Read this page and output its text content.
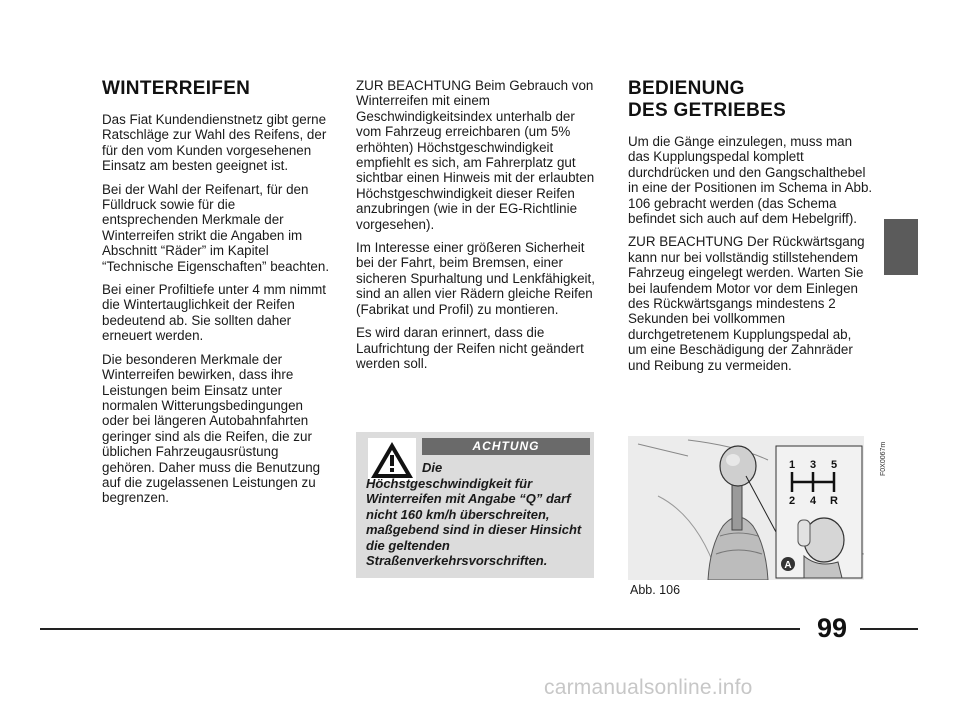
WINTERREIFEN

Das Fiat Kundendienstnetz gibt gerne Ratschläge zur Wahl des Reifens, der für den vom Kunden vorgesehenen Einsatz am besten geeignet ist.

Bei der Wahl der Reifenart, für den Fülldruck sowie für die entsprechenden Merkmale der Winterreifen strikt die Angaben im Abschnitt “Räder” im Kapitel “Technische Eigenschaften” beachten.

Bei einer Profiltiefe unter 4 mm nimmt die Wintertauglichkeit der Reifen bedeutend ab. Sie sollten daher erneuert werden.

Die besonderen Merkmale der Winterreifen bewirken, dass ihre Leistungen beim Einsatz unter normalen Witterungsbedingungen oder bei längeren Autobahnfahrten geringer sind als die Reifen, die zur üblichen Fahrzeugausrüstung gehören. Daher muss die Benutzung auf die zugelassenen Leistungen zu begrenzen.

ZUR BEACHTUNG Beim Gebrauch von Winterreifen mit einem Geschwindigkeitsindex unterhalb der vom Fahrzeug erreichbaren (um 5% erhöhten) Höchstgeschwindigkeit empfiehlt es sich, am Fahrerplatz gut sichtbar einen Hinweis mit der erlaubten Höchstgeschwindigkeit dieser Reifen anzubringen (wie in der EG-Richtlinie vorgesehen).

Im Interesse einer größeren Sicherheit bei der Fahrt, beim Bremsen, einer sicheren Spurhaltung und Lenkfähigkeit, sind an allen vier Rädern gleiche Reifen (Fabrikat und Profil) zu montieren.

Es wird daran erinnert, dass die Laufrichtung der Reifen nicht geändert werden soll.

ACHTUNG
Die Höchstgeschwindigkeit für Winterreifen mit Angabe “Q” darf nicht 160 km/h überschreiten, maßgebend sind in dieser Hinsicht die geltenden Straßenverkehrsvorschriften.
BEDIENUNG
DES GETRIEBES

Um die Gänge einzulegen, muss man das Kupplungspedal komplett durchdrücken und den Gangschalthebel in eine der Positionen im Schema in Abb. 106 gebracht werden (das Schema befindet sich auch auf dem Hebelgriff).

ZUR BEACHTUNG Der Rückwärtsgang kann nur bei vollständig stillstehendem Fahrzeug eingelegt werden. Warten Sie bei laufendem Motor vor dem Einlegen des Rückwärtsgangs mindestens 2 Sekunden bei vollkommen durchgetretenem Kupplungspedal ab, um eine Beschädigung der Zahnräder und Reibung zu vermeiden.

1 3 5
2 4 R
A
F0X0067m
Abb. 106
99
carmanualsonline.info
